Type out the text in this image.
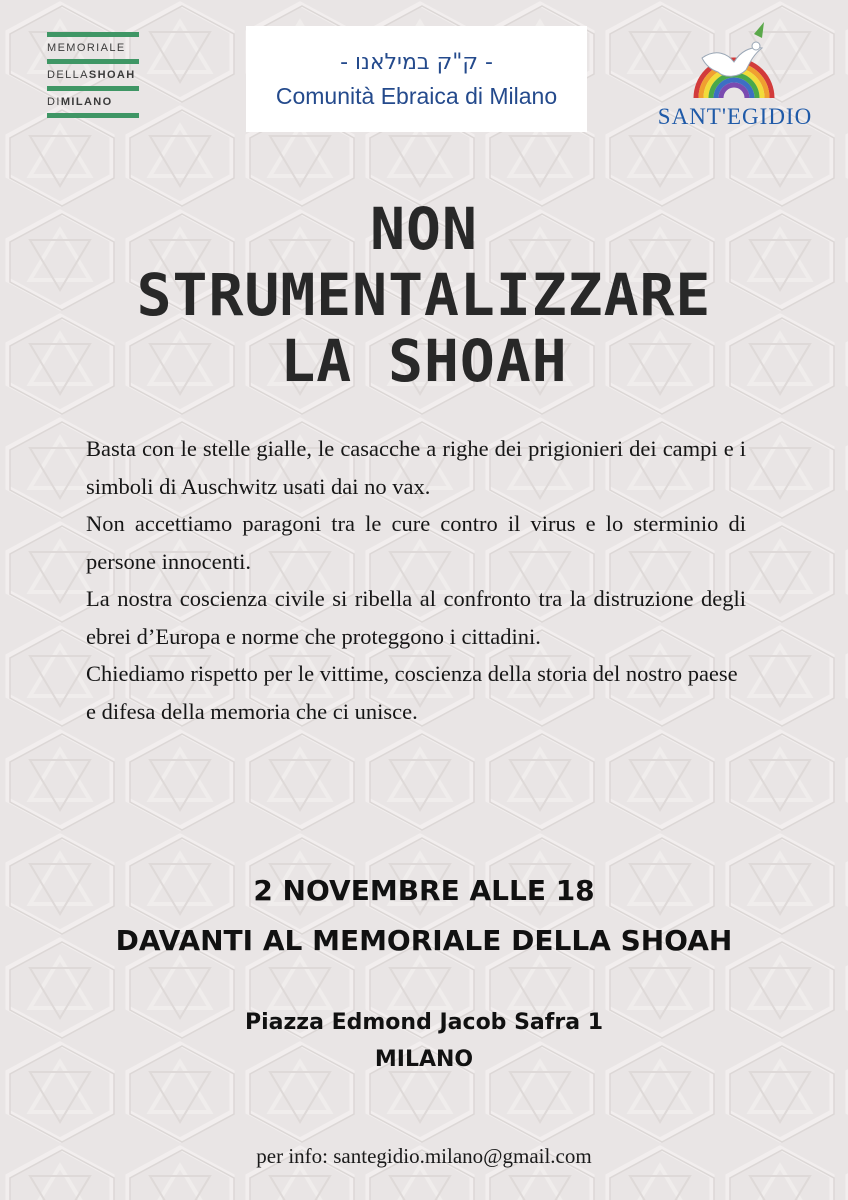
MEMORIALE
DELLASHOAH
DIMILANO
- ק"ק במילאנו -
Comunità Ebraica di Milano
SANT'EGIDIO
NON
STRUMENTALIZZARE
LA SHOAH

Basta con le stelle gialle, le casacche a righe dei prigionieri dei campi e i simboli di Auschwitz usati dai no vax.

Non accettiamo paragoni tra le cure contro il virus e lo sterminio di persone innocenti.

La nostra coscienza civile si ribella al confronto tra la distruzione degli ebrei d’Europa e norme che proteggono i cittadini.

Chiediamo rispetto per le vittime, coscienza della storia del nostro paese e difesa della memoria che ci unisce.

2 NOVEMBRE ALLE 18
DAVANTI AL MEMORIALE DELLA SHOAH
Piazza Edmond Jacob Safra 1
MILANO
per info: santegidio.milano@gmail.com
